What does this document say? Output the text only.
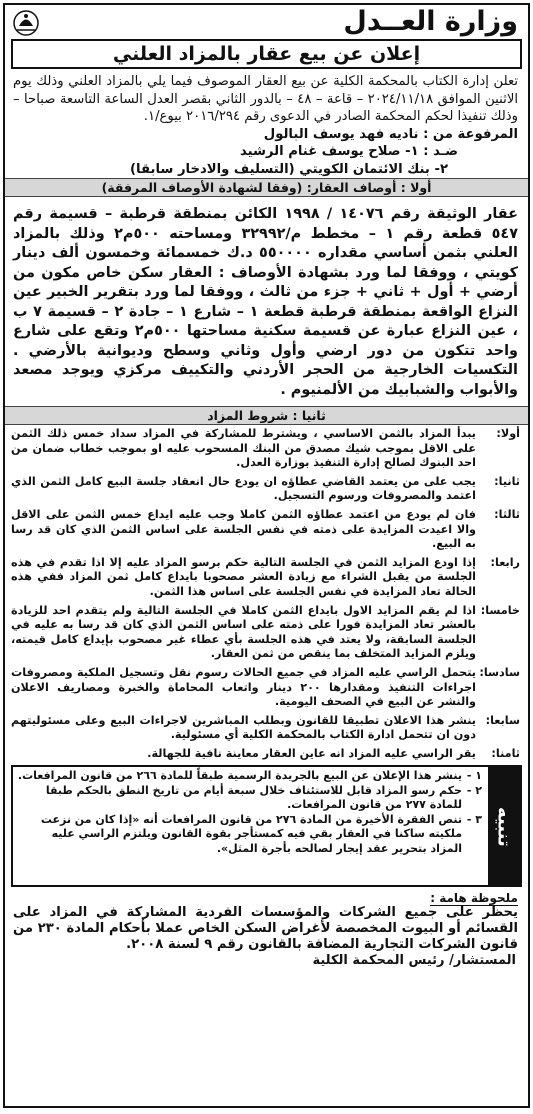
وزارة العــدل
إعلان عن بيع عقار بالمزاد العلني

تعلن إدارة الكتاب بالمحكمة الكلية عن بيع العقار الموصوف فيما يلي بالمزاد العلني وذلك يوم الاثنين الموافق ٢٠٢٤/١١/١٨ – قاعة – ٤٨ – بالدور الثاني بقصر العدل الساعة التاسعة صباحا – وذلك تنفيذا لحكم المحكمة الصادر في الدعوى رقم ٢٠١٦/٢٩٤ بيوع/١.

المرفوعة من : ناديه فهد يوسف البالول
ضـد : ١- صلاح يوسف غنام الرشيد
٢- بنك الائتمان الكويتي (التسليف والادخار سابقا)
أولا : أوصاف العقار: (وفقا لشهادة الأوصاف المرفقة)

عقار الوثيقة رقم ١٤٠٧٦ / ١٩٩٨ الكائن بمنطقة قرطبة – قسيمة رقم ٥٤٧ قطعة رقم ١ – مخطط م/٣٢٩٩٢ ومساحته ٥٠٠م٢ وذلك بالمزاد العلني بثمن أساسي مقداره ٥٥٠٠٠٠ د.ك خمسمائة وخمسون ألف دينار كويتي ، ووفقا لما ورد بشهادة الأوصاف : العقار سكن خاص مكون من أرضي + أول + ثاني + جزء من ثالث ، ووفقا لما ورد بتقرير الخبير عين النزاع الواقعة بمنطقة قرطبة قطعة ١ – شارع ١ – جادة ٢ – قسيمة ٧ ب ، عين النزاع عبارة عن قسيمة سكنية مساحتها ٥٠٠م٢ وتقع على شارع واحد تتكون من دور ارضي وأول وثاني وسطح وديوانية بالأرضي . التكسيات الخارجية من الحجر الأردني والتكييف مركزي ويوجد مصعد والأبواب والشبابيك من الألمنيوم .

ثانيا : شروط المزاد
أولا:
يبدأ المزاد بالثمن الاساسي ، ويشترط للمشاركة في المزاد سداد خمس ذلك الثمن على الاقل بموجب شيك مصدق من البنك المسحوب عليه او بموجب خطاب ضمان من احد البنوك لصالح إدارة التنفيذ بوزارة العدل.
ثانيا:
يجب على من يعتمد القاضي عطاؤه ان يودع حال انعقاد جلسة البيع كامل الثمن الذي اعتمد والمصروفات ورسوم التسجيل.
ثالثا:
فان لم يودع من اعتمد عطاؤه الثمن كاملا وجب عليه ايداع خمس الثمن على الاقل والا اعيدت المزايدة على ذمته في نفس الجلسة على اساس الثمن الذي كان قد رسا به البيع.
رابعا:
إذا اودع المزايد الثمن في الجلسة التالية حكم برسو المزاد عليه إلا اذا تقدم في هذه الجلسة من يقبل الشراء مع زيادة العشر مصحوبا بايداع كامل ثمن المزاد ففي هذه الحالة تعاد المزايدة في نفس الجلسة على اساس هذا الثمن.
خامسا:
اذا لم يقم المزايد الاول بايداع الثمن كاملا في الجلسة التالية ولم يتقدم احد للزيادة بالعشر تعاد المزايدة فورا على ذمته على اساس الثمن الذي كان قد رسا به عليه في الجلسة السابقة، ولا يعتد في هذه الجلسة بأي عطاء غير مصحوب بإيداع كامل قيمته، ويلزم المزايد المتخلف بما ينقص من ثمن العقار.
سادسا:
يتحمل الراسي عليه المزاد في جميع الحالات رسوم نقل وتسجيل الملكية ومصروفات اجراءات التنفيذ ومقدارها ٢٠٠ دينار واتعاب المحاماة والخبرة ومصاريف الاعلان والنشر عن البيع في الصحف اليومية.
سابعا:
ينشر هذا الاعلان تطبيقا للقانون وبطلب المباشرين لاجراءات البيع وعلى مسئوليتهم دون ان تتحمل ادارة الكتاب بالمحكمة الكلية أي مسئولية.
ثامنا:
يقر الراسي عليه المزاد انه عاين العقار معاينة نافية للجهالة.
تنبيه
١ -
ينشر هذا الإعلان عن البيع بالجريدة الرسمية طبقاً للمادة ٢٦٦ من قانون المرافعات.
٢ -
حكم رسو المزاد قابل للاستئناف خلال سبعة أيام من تاريخ النطق بالحكم طبقا للمادة ٢٧٧ من قانون المرافعات.
٣ -
تنص الفقرة الأخيرة من المادة ٢٧٦ من قانون المرافعات أنه «إذا كان من نزعت ملكيته ساكنا في العقار بقي فيه كمستأجر بقوة القانون ويلتزم الراسي عليه المزاد بتحرير عقد إيجار لصالحه بأجرة المثل».
ملحوظة هامة :
يحظر على جميع الشركات والمؤسسات الفردية المشاركة في المزاد على القسائم أو البيوت المخصصة لأغراض السكن الخاص عملا بأحكام المادة ٢٣٠ من قانون الشركات التجارية المضافة بالقانون رقم ٩ لسنة ٢٠٠٨.
المستشار/ رئيس المحكمة الكلية
